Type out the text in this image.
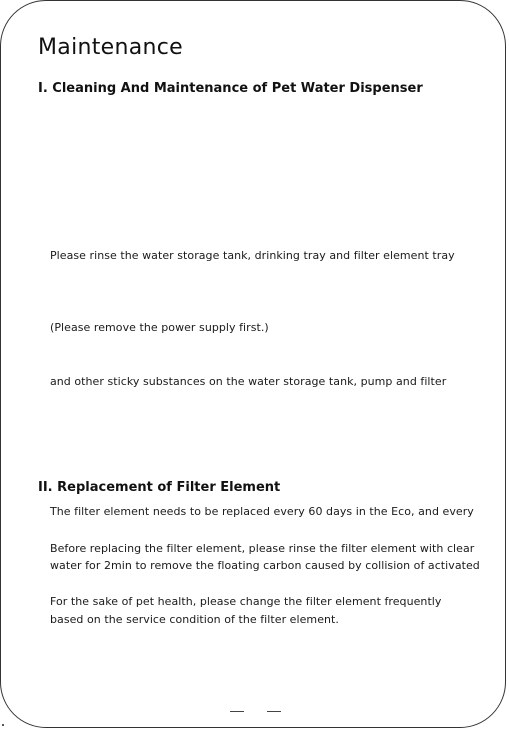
Maintenance
I. Cleaning And Maintenance of Pet Water Dispenser

Please rinse the water storage tank, drinking tray and filter element tray

(Please remove the power supply first.)

and other sticky substances on the water storage tank, pump and filter

II. Replacement of Filter Element

The filter element needs to be replaced every 60 days in the Eco, and every

Before replacing the filter element, please rinse the filter element with clear

water for 2min to remove the floating carbon caused by collision of activated

For the sake of pet health, please change the filter element frequently

based on the service condition of the filter element.
